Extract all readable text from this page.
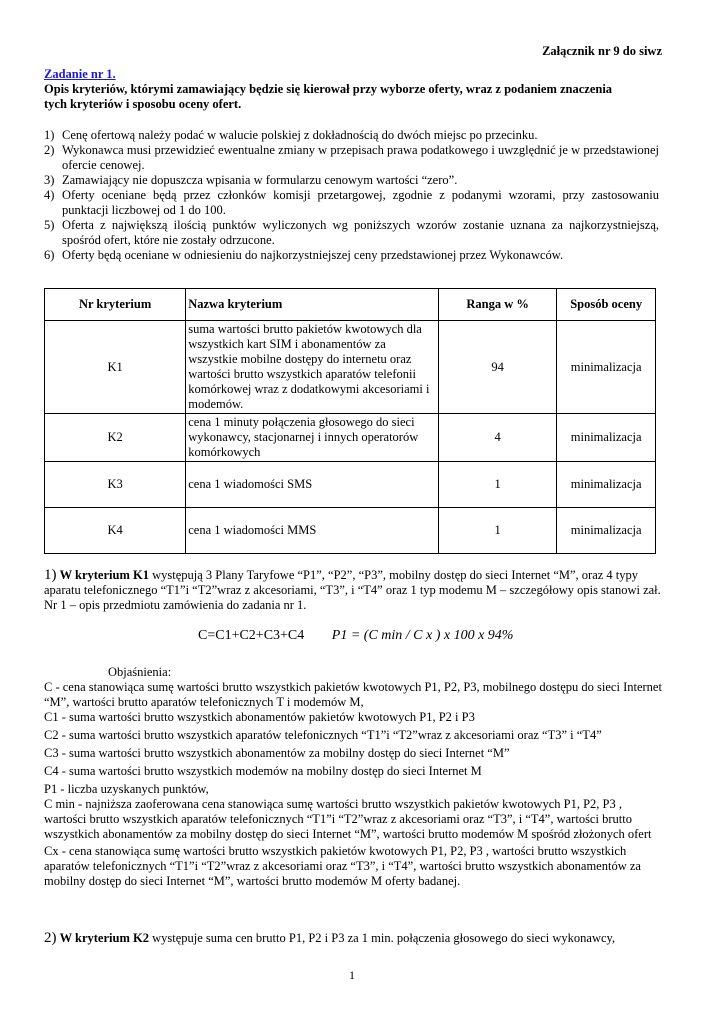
Załącznik nr 9 do siwz
Zadanie nr 1.
Opis kryteriów, którymi zamawiający będzie się kierował przy wyborze oferty, wraz z podaniem znaczenia
tych kryteriów i sposobu oceny ofert.
1) Cenę ofertową należy podać w walucie polskiej z dokładnością do dwóch miejsc po przecinku.
2) Wykonawca musi przewidzieć ewentualne zmiany w przepisach prawa podatkowego i uwzględnić je w przedstawionej ofercie cenowej.
3) Zamawiający nie dopuszcza wpisania w formularzu cenowym wartości “zero”.
4) Oferty oceniane będą przez członków komisji przetargowej, zgodnie z podanymi wzorami, przy zastosowaniu punktacji liczbowej od 1 do 100.
5) Oferta z największą ilością punktów wyliczonych wg poniższych wzorów zostanie uznana za najkorzystniejszą, spośród ofert, które nie zostały odrzucone.
6) Oferty będą oceniane w odniesieniu do najkorzystniejszej ceny przedstawionej przez Wykonawców.
Nr kryterium	Nazwa kryterium	Ranga w %	Sposób oceny
K1	suma wartości brutto pakietów kwotowych dla wszystkich kart SIM i abonamentów za wszystkie mobilne dostępy do internetu oraz wartości brutto wszystkich aparatów telefonii komórkowej wraz z dodatkowymi akcesoriami i modemów.	94	minimalizacja
K2	cena 1 minuty połączenia głosowego do sieci wykonawcy, stacjonarnej i innych operatorów komórkowych	4	minimalizacja
K3	cena 1 wiadomości SMS	1	minimalizacja
K4	cena 1 wiadomości MMS	1	minimalizacja
1) W kryterium K1 występują 3 Plany Taryfowe “P1”, “P2”, “P3”, mobilny dostęp do sieci Internet “M”, oraz 4 typy aparatu telefonicznego “T1”i “T2”wraz z akcesoriami, “T3”, i “T4” oraz 1 typ modemu M – szczegółowy opis stanowi zał. Nr 1 – opis przedmiotu zamówienia do zadania nr 1.
C=C1+C2+C3+C4 P1 = (C min / C x ) x 100 x 94%
Objaśnienia:
C - cena stanowiąca sumę wartości brutto wszystkich pakietów kwotowych P1, P2, P3, mobilnego dostępu do sieci Internet “M”, wartości brutto aparatów telefonicznych T i modemów M,
C1 - suma wartości brutto wszystkich abonamentów pakietów kwotowych P1, P2 i P3
C2 - suma wartości brutto wszystkich aparatów telefonicznych “T1”i “T2”wraz z akcesoriami oraz “T3” i “T4”
C3 - suma wartości brutto wszystkich abonamentów za mobilny dostęp do sieci Internet “M”
C4 - suma wartości brutto wszystkich modemów na mobilny dostęp do sieci Internet M
P1 - liczba uzyskanych punktów,
C min - najniższa zaoferowana cena stanowiąca sumę wartości brutto wszystkich pakietów kwotowych P1, P2, P3 , wartości brutto wszystkich aparatów telefonicznych “T1”i “T2”wraz z akcesoriami oraz “T3”, i “T4”, wartości brutto wszystkich abonamentów za mobilny dostęp do sieci Internet “M”, wartości brutto modemów M spośród złożonych ofert
Cx - cena stanowiąca sumę wartości brutto wszystkich pakietów kwotowych P1, P2, P3 , wartości brutto wszystkich aparatów telefonicznych “T1”i “T2”wraz z akcesoriami oraz “T3”, i “T4”, wartości brutto wszystkich abonamentów za mobilny dostęp do sieci Internet “M”, wartości brutto modemów M oferty badanej.
2) W kryterium K2 występuje suma cen brutto P1, P2 i P3 za 1 min. połączenia głosowego do sieci wykonawcy,
1
